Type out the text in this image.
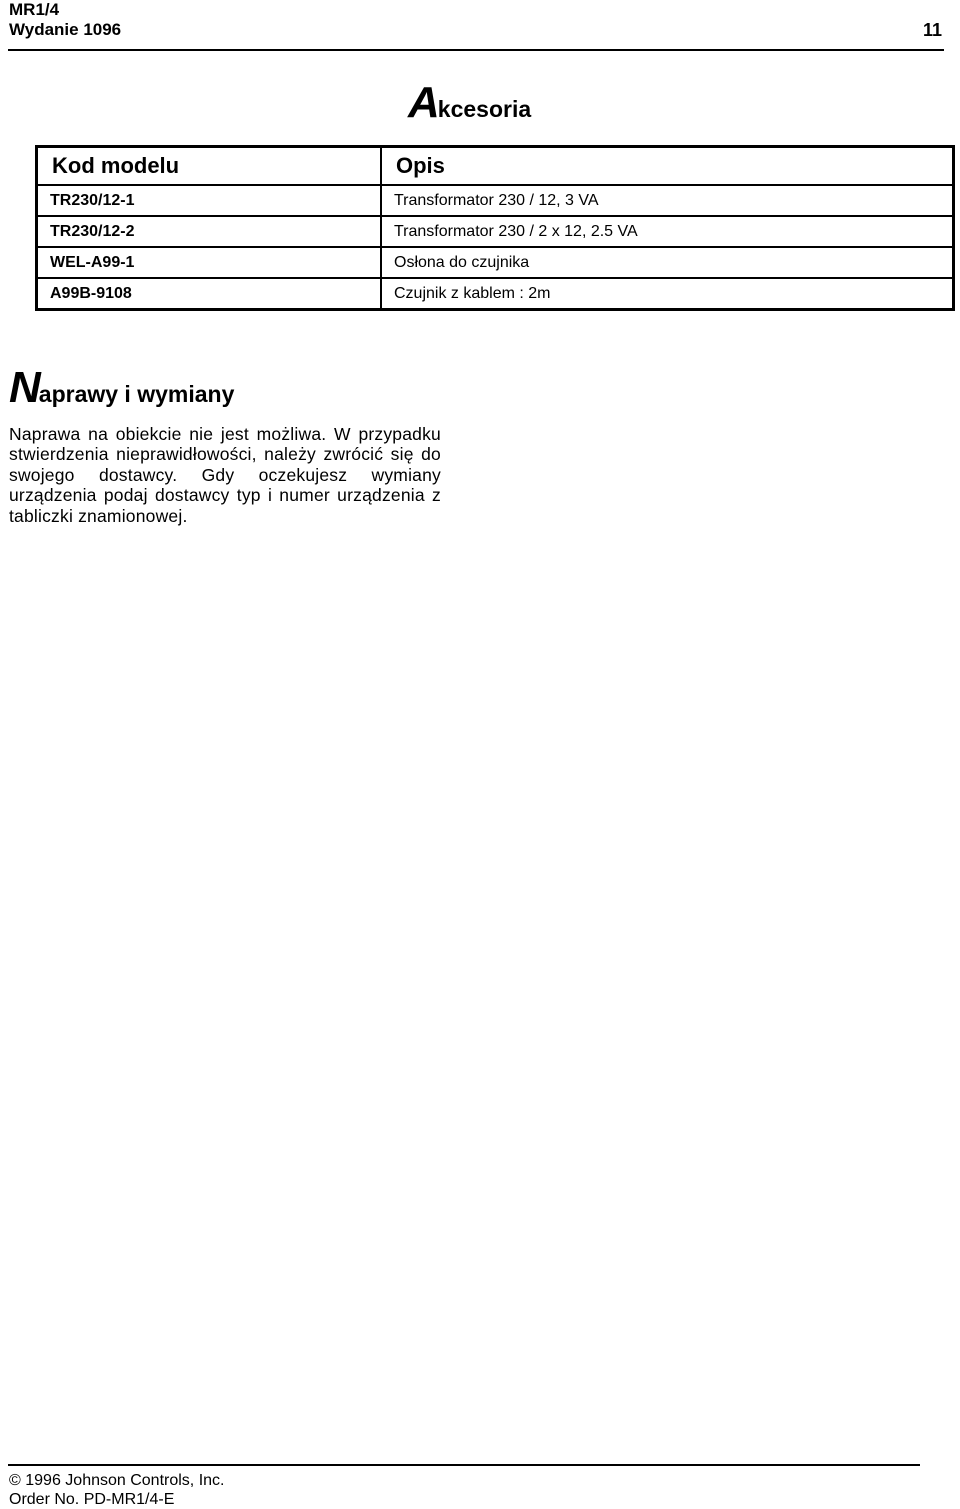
MR1/4
Wydanie 1096	11
Akcesoria
Kod modelu	Opis
TR230/12-1	Transformator 230 / 12, 3 VA
TR230/12-2	Transformator 230 / 2 x 12, 2.5 VA
WEL-A99-1	Osłona do czujnika
A99B-9108	Czujnik z kablem : 2m
Naprawy i wymiany
Naprawa na obiekcie nie jest możliwa. W przypadku stwierdzenia nieprawidłowości, należy zwrócić się do swojego dostawcy. Gdy oczekujesz wymiany urządzenia podaj dostawcy typ i numer urządzenia z tabliczki znamionowej.
© 1996 Johnson Controls, Inc.
Order No. PD-MR1/4-E
